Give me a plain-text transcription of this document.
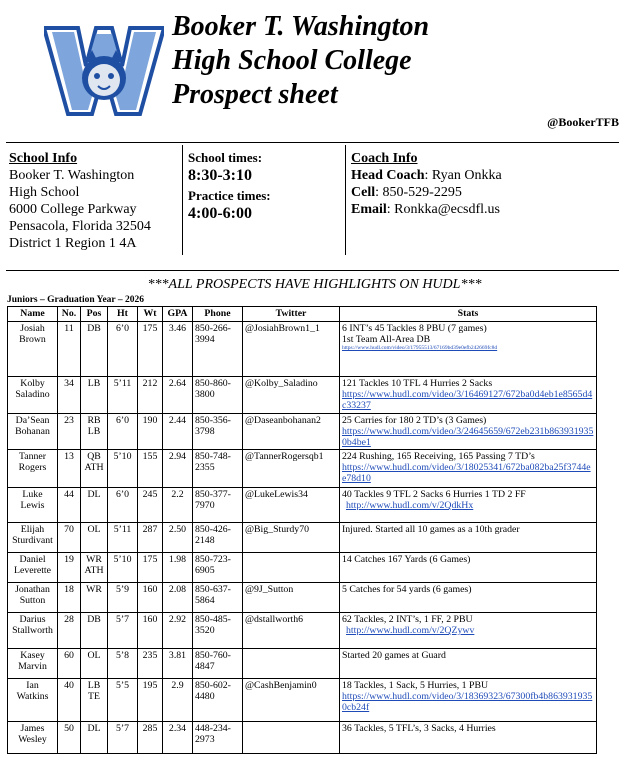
Booker T. Washington
High School College
Prospect sheet
@BookerTFB
School Info
Booker T. Washington
High School
6000 College Parkway
Pensacola, Florida 32504
District 1 Region 1 4A
School times:
8:30-3:10
Practice times:
4:00-6:00
Coach Info
Head Coach: Ryan Onkka
Cell: 850-529-2295
Email: Ronkka@ecsdfl.us
***ALL PROSPECTS HAVE HIGHLIGHTS ON HUDL***
Juniors – Graduation Year – 2026
Name	No.	Pos	Ht	Wt	GPA	Phone	Twitter	Stats
Josiah Brown	11	DB	6’0	175	3.46	850-266-3994	@JosiahBrown1_1	6 INT’s 45 Tackles 8 PBU (7 games)
1st Team All-Area DB
https://www.hudl.com/video/3/17955513/67169bd39e0efb242669fc8d

Kolby Saladino	34	LB	5’11	212	2.64	850-860-3800	@Kolby_Saladino	121 Tackles 10 TFL 4 Hurries 2 Sacks
https://www.hudl.com/video/3/16469127/672ba0d4eb1e8565d4c33237

Da’Sean Bohanan	23	RB LB	6’0	190	2.44	850-356-3798	@Daseanbohanan2	25 Carries for 180 2 TD’s (3 Games)
https://www.hudl.com/video/3/24645659/672eb231b8639319350b4be1

Tanner Rogers	13	QB ATH	5’10	155	2.94	850-748-2355	@TannerRogersqb1	224 Rushing, 165 Receiving, 165 Passing 7 TD’s
https://www.hudl.com/video/3/18025341/672ba082ba25f3744ee78d10

Luke Lewis	44	DL	6’0	245	2.2	850-377-7970	@LukeLewis34	40 Tackles 9 TFL 2 Sacks 6 Hurries 1 TD 2 FF
http://www.hudl.com/v/2QdkHx

Elijah Sturdivant	70	OL	5’11	287	2.50	850-426-2148	@Big_Sturdy70	Injured. Started all 10 games as a 10th grader

Daniel Leverette	19	WR ATH	5’10	175	1.98	850-723-6905		14 Catches 167 Yards (6 Games)

Jonathan Sutton	18	WR	5’9	160	2.08	850-637-5864	@9J_Sutton	5 Catches for 54 yards (6 games)

Darius Stallworth	28	DB	5’7	160	2.92	850-485-3520	@dstallworth6	62 Tackles, 2 INT’s, 1 FF, 2 PBU
http://www.hudl.com/v/2QZywv

Kasey Marvin	60	OL	5’8	235	3.81	850-760-4847		Started 20 games at Guard

Ian Watkins	40	LB TE	5’5	195	2.9	850-602-4480	@CashBenjamin0	18 Tackles, 1 Sack, 5 Hurries, 1 PBU
https://www.hudl.com/video/3/18369323/67300fb4b8639319350cb24f

James Wesley	50	DL	5’7	285	2.34	448-234-2973		36 Tackles, 5 TFL’s, 3 Sacks, 4 Hurries
